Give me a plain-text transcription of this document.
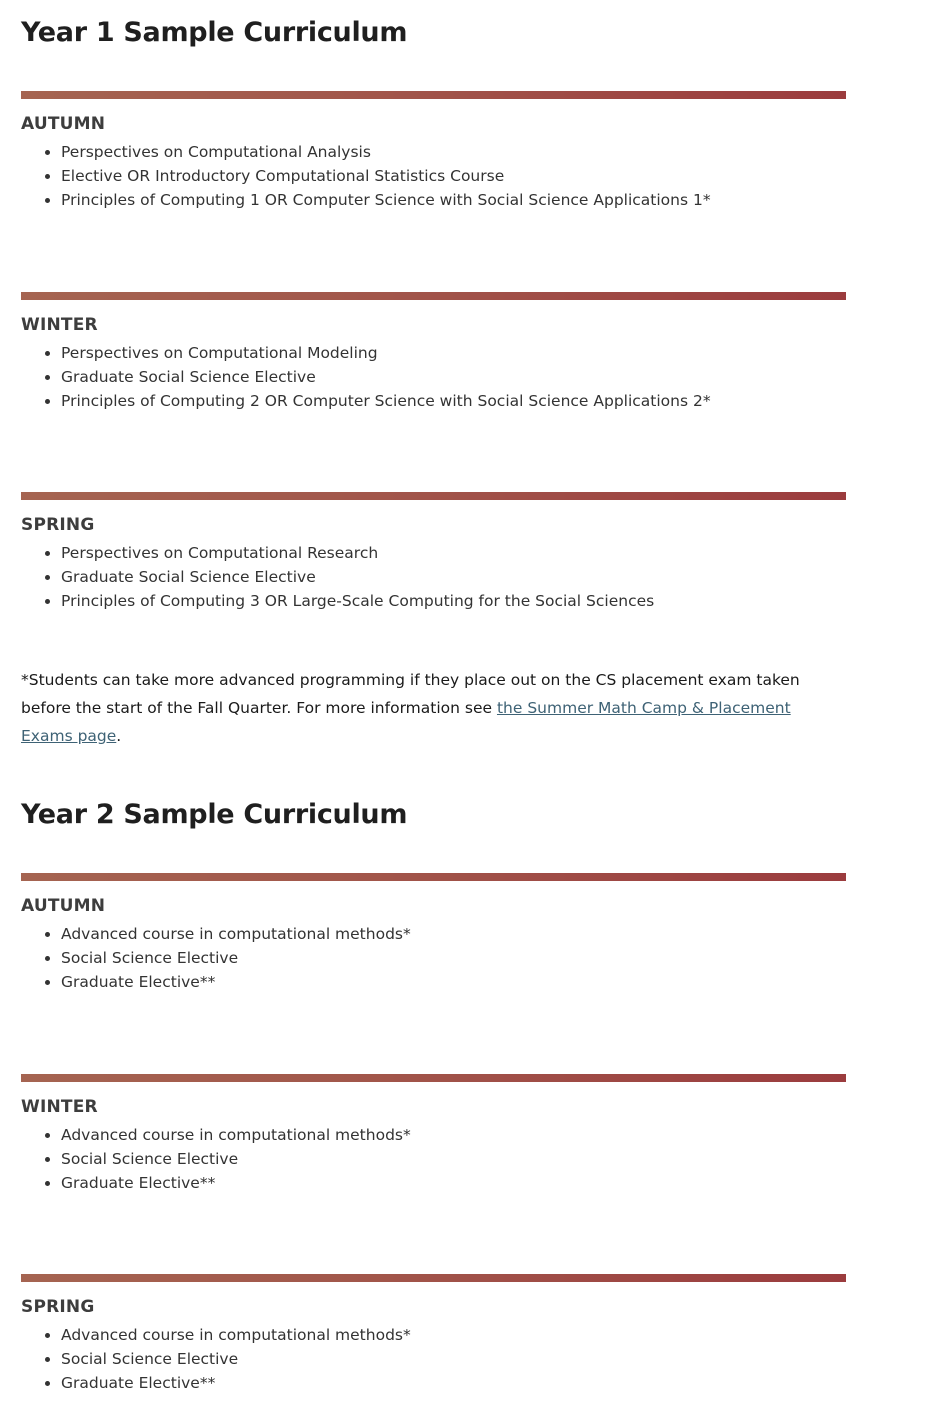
Year 1 Sample Curriculum
AUTUMN
• Perspectives on Computational Analysis
• Elective OR Introductory Computational Statistics Course
• Principles of Computing 1 OR Computer Science with Social Science Applications 1*
WINTER
• Perspectives on Computational Modeling
• Graduate Social Science Elective
• Principles of Computing 2 OR Computer Science with Social Science Applications 2*
SPRING
• Perspectives on Computational Research
• Graduate Social Science Elective
• Principles of Computing 3 OR Large-Scale Computing for the Social Sciences

*Students can take more advanced programming if they place out on the CS placement exam taken before the start of the Fall Quarter. For more information see the Summer Math Camp & Placement Exams page.

Year 2 Sample Curriculum
AUTUMN
• Advanced course in computational methods*
• Social Science Elective
• Graduate Elective**
WINTER
• Advanced course in computational methods*
• Social Science Elective
• Graduate Elective**
SPRING
• Advanced course in computational methods*
• Social Science Elective
• Graduate Elective**
